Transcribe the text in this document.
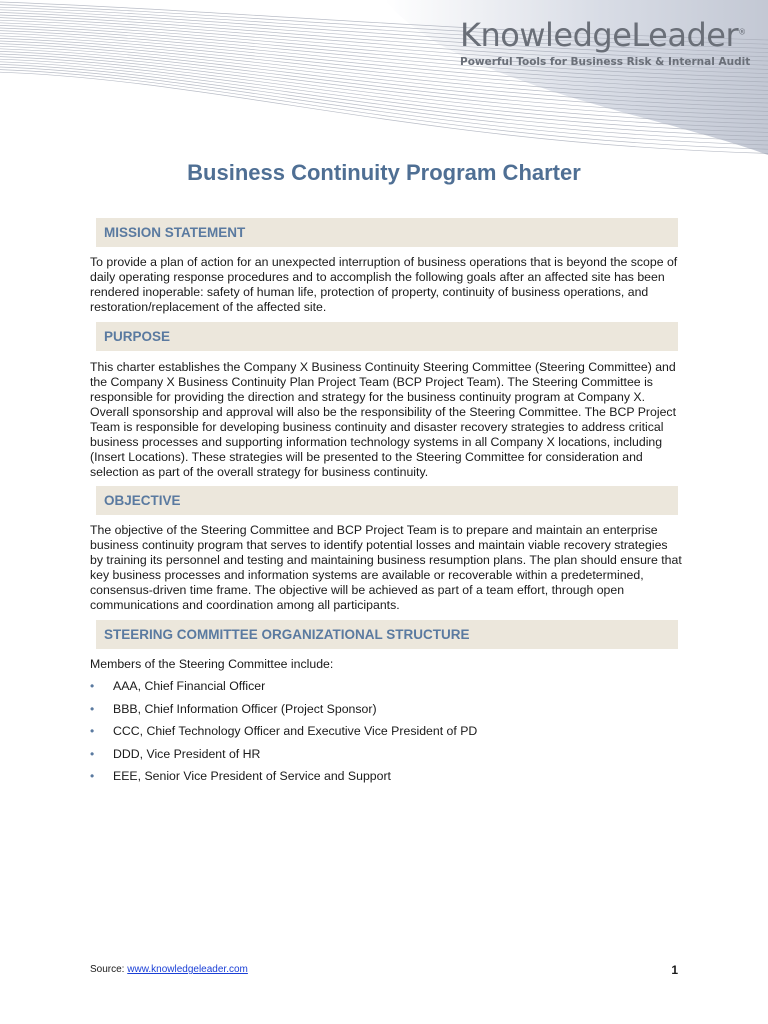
KnowledgeLeader®
Powerful Tools for Business Risk & Internal Audit
Business Continuity Program Charter
MISSION STATEMENT
To provide a plan of action for an unexpected interruption of business operations that is beyond the scope of daily operating response procedures and to accomplish the following goals after an affected site has been rendered inoperable: safety of human life, protection of property, continuity of business operations, and restoration/replacement of the affected site.
PURPOSE
This charter establishes the Company X Business Continuity Steering Committee (Steering Committee) and the Company X Business Continuity Plan Project Team (BCP Project Team). The Steering Committee is responsible for providing the direction and strategy for the business continuity program at Company X. Overall sponsorship and approval will also be the responsibility of the Steering Committee. The BCP Project Team is responsible for developing business continuity and disaster recovery strategies to address critical business processes and supporting information technology systems in all Company X locations, including (Insert Locations). These strategies will be presented to the Steering Committee for consideration and selection as part of the overall strategy for business continuity.
OBJECTIVE
The objective of the Steering Committee and BCP Project Team is to prepare and maintain an enterprise business continuity program that serves to identify potential losses and maintain viable recovery strategies by training its personnel and testing and maintaining business resumption plans. The plan should ensure that key business processes and information systems are available or recoverable within a predetermined, consensus-driven time frame. The objective will be achieved as part of a team effort, through open communications and coordination among all participants.
STEERING COMMITTEE ORGANIZATIONAL STRUCTURE
Members of the Steering Committee include:
• AAA, Chief Financial Officer
• BBB, Chief Information Officer (Project Sponsor)
• CCC, Chief Technology Officer and Executive Vice President of PD
• DDD, Vice President of HR
• EEE, Senior Vice President of Service and Support
Source: www.knowledgeleader.com	1
